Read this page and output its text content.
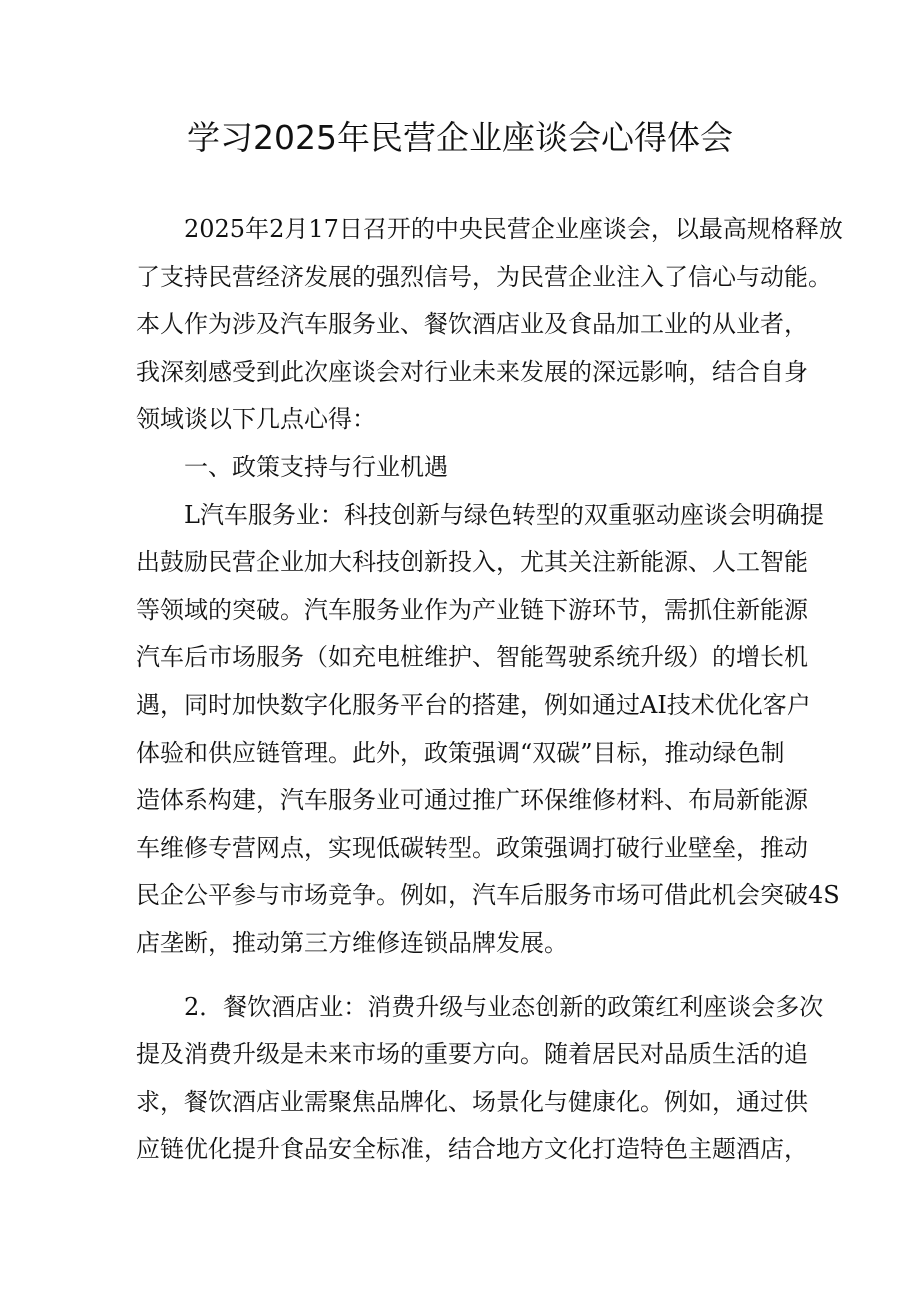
学习2025年民营企业座谈会心得体会
2025年2月17日召开的中央民营企业座谈会，以最高规格释放
了支持民营经济发展的强烈信号，为民营企业注入了信心与动能。
本人作为涉及汽车服务业、餐饮酒店业及食品加工业的从业者，
我深刻感受到此次座谈会对行业未来发展的深远影响，结合自身
领域谈以下几点心得：
一、政策支持与行业机遇
L汽车服务业：科技创新与绿色转型的双重驱动座谈会明确提
出鼓励民营企业加大科技创新投入，尤其关注新能源、人工智能
等领域的突破。汽车服务业作为产业链下游环节，需抓住新能源
汽车后市场服务（如充电桩维护、智能驾驶系统升级）的增长机
遇，同时加快数字化服务平台的搭建，例如通过AI技术优化客户
体验和供应链管理。此外，政策强调“双碳”目标，推动绿色制
造体系构建，汽车服务业可通过推广环保维修材料、布局新能源
车维修专营网点，实现低碳转型。政策强调打破行业壁垒，推动
民企公平参与市场竞争。例如，汽车后服务市场可借此机会突破4S
店垄断，推动第三方维修连锁品牌发展。
2．餐饮酒店业：消费升级与业态创新的政策红利座谈会多次
提及消费升级是未来市场的重要方向。随着居民对品质生活的追
求，餐饮酒店业需聚焦品牌化、场景化与健康化。例如，通过供
应链优化提升食品安全标准，结合地方文化打造特色主题酒店，
